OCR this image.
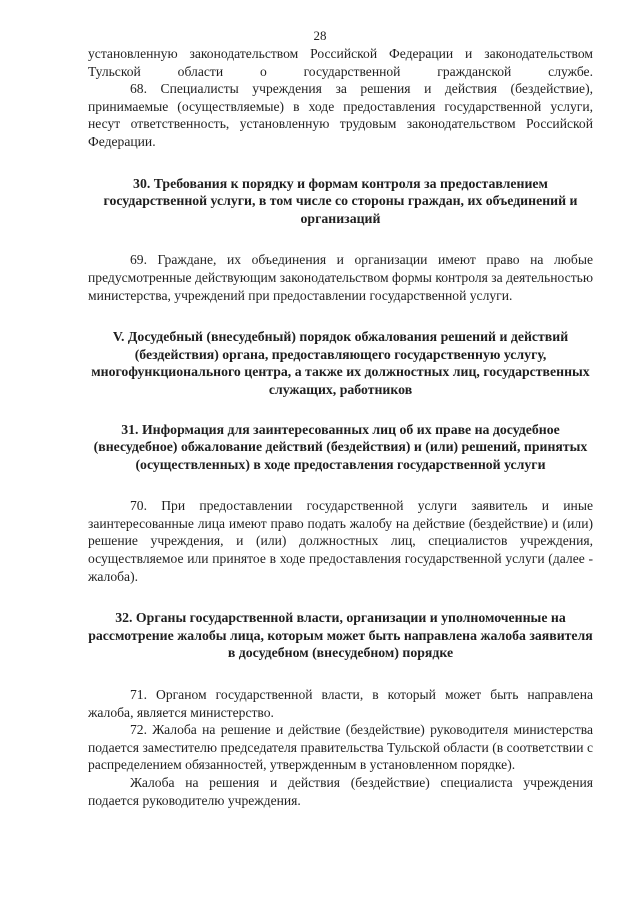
28

установленную законодательством Российской Федерации и законодательством Тульской области о государственной гражданской службе.

68. Специалисты учреждения за решения и действия (бездействие), принимаемые (осуществляемые) в ходе предоставления государственной услуги, несут ответственность, установленную трудовым законодательством Российской Федерации.

30. Требования к порядку и формам контроля за предоставлением государственной услуги, в том числе со стороны граждан, их объединений и организаций

69. Граждане, их объединения и организации имеют право на любые предусмотренные действующим законодательством формы контроля за деятельностью министерства, учреждений при предоставлении государственной услуги.

V. Досудебный (внесудебный) порядок обжалования решений и действий (бездействия) органа, предоставляющего государственную услугу, многофункционального центра, а также их должностных лиц, государственных служащих, работников
31. Информация для заинтересованных лиц об их праве на досудебное (внесудебное) обжалование действий (бездействия) и (или) решений, принятых (осуществленных) в ходе предоставления государственной услуги

70. При предоставлении государственной услуги заявитель и иные заинтересованные лица имеют право подать жалобу на действие (бездействие) и (или) решение учреждения, и (или) должностных лиц, специалистов учреждения, осуществляемое или принятое в ходе предоставления государственной услуги (далее - жалоба).

32. Органы государственной власти, организации и уполномоченные на рассмотрение жалобы лица, которым может быть направлена жалоба заявителя в досудебном (внесудебном) порядке

71. Органом государственной власти, в который может быть направлена жалоба, является министерство.

72. Жалоба на решение и действие (бездействие) руководителя министерства подается заместителю председателя правительства Тульской области (в соответствии с распределением обязанностей, утвержденным в установленном порядке).

Жалоба на решения и действия (бездействие) специалиста учреждения подается руководителю учреждения.
